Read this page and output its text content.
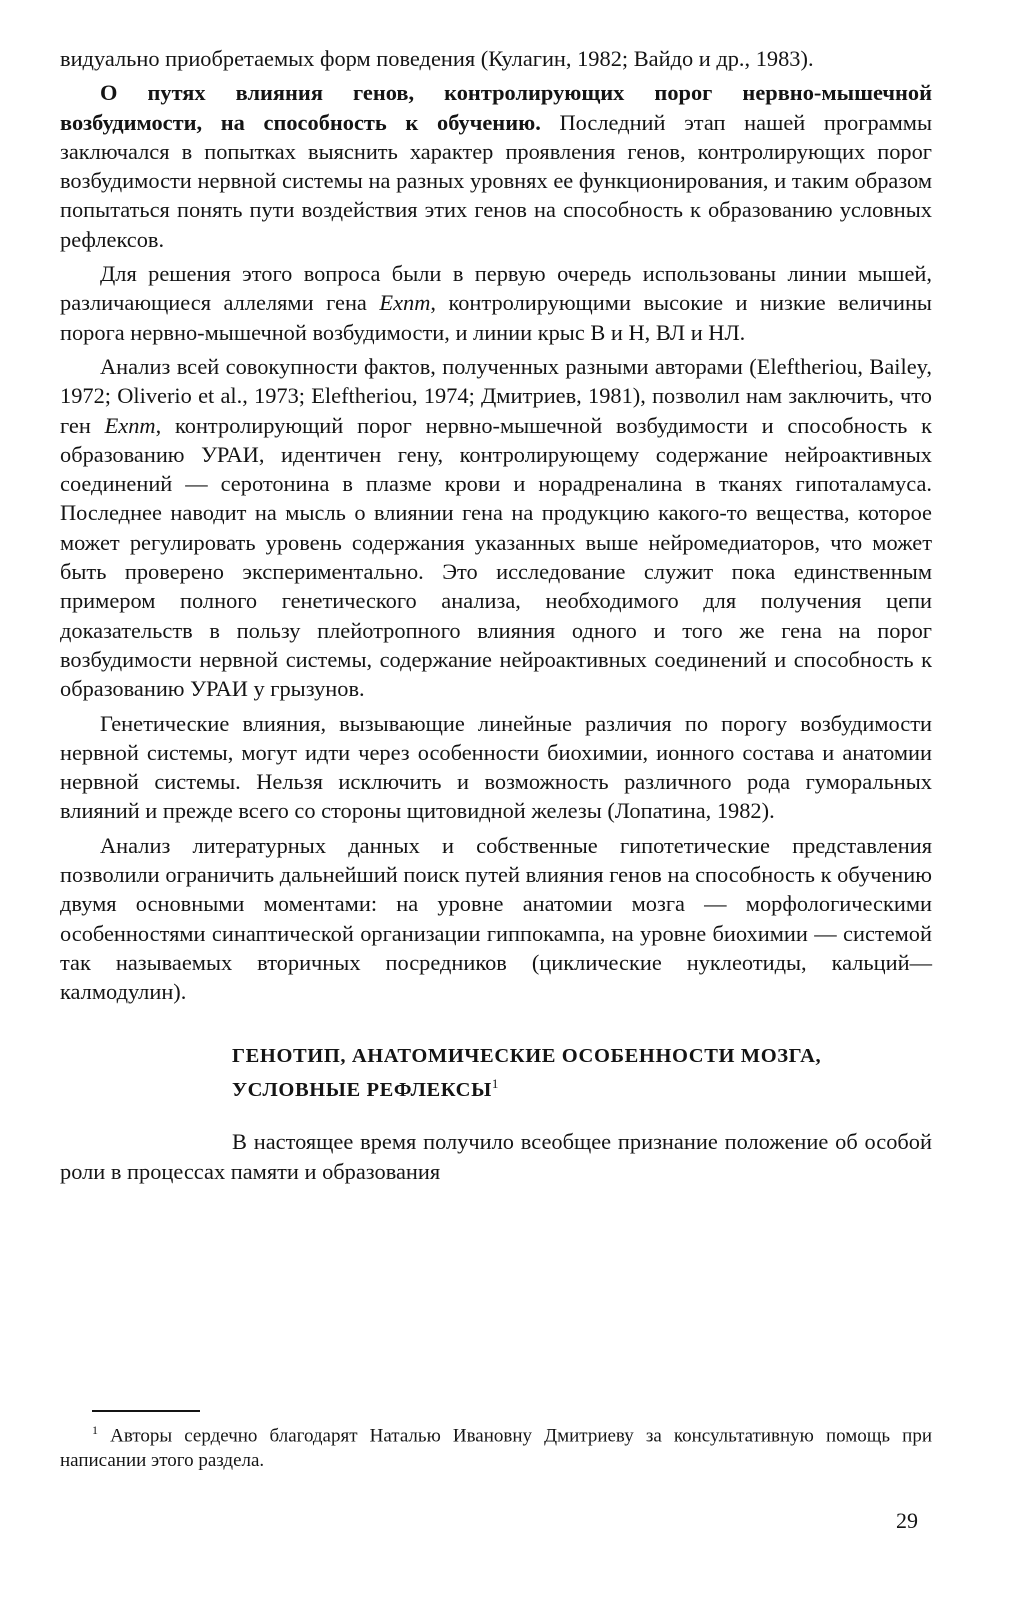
видуально приобретаемых форм поведения (Кулагин, 1982; Вайдо и др., 1983).

О путях влияния генов, контролирующих порог нервно-мышечной возбудимости, на способность к обучению. Последний этап нашей программы заключался в попытках выяснить характер проявления генов, контролирующих порог возбудимости нервной системы на разных уровнях ее функционирования, и таким образом попытаться понять пути воздействия этих генов на способность к образованию условных рефлексов.

Для решения этого вопроса были в первую очередь использованы линии мышей, различающиеся аллелями гена Exnm, контролирующими высокие и низкие величины порога нервно-мышечной возбудимости, и линии крыс В и Н, ВЛ и НЛ.

Анализ всей совокупности фактов, полученных разными авторами (Eleftheriou, Bailey, 1972; Oliverio et al., 1973; Eleftheriou, 1974; Дмитриев, 1981), позволил нам заключить, что ген Exnm, контролирующий порог нервно-мышечной возбудимости и способность к образованию УРАИ, идентичен гену, контролирующему содержание нейроактивных соединений — серотонина в плазме крови и норадреналина в тканях гипоталамуса. Последнее наводит на мысль о влиянии гена на продукцию какого-то вещества, которое может регулировать уровень содержания указанных выше нейромедиаторов, что может быть проверено экспериментально. Это исследование служит пока единственным примером полного генетического анализа, необходимого для получения цепи доказательств в пользу плейотропного влияния одного и того же гена на порог возбудимости нервной системы, содержание нейроактивных соединений и способность к образованию УРАИ у грызунов.

Генетические влияния, вызывающие линейные различия по порогу возбудимости нервной системы, могут идти через особенности биохимии, ионного состава и анатомии нервной системы. Нельзя исключить и возможность различного рода гуморальных влияний и прежде всего со стороны щитовидной железы (Лопатина, 1982).

Анализ литературных данных и собственные гипотетические представления позволили ограничить дальнейший поиск путей влияния генов на способность к обучению двумя основными моментами: на уровне анатомии мозга — морфологическими особенностями синаптической организации гиппокампа, на уровне биохимии — системой так называемых вторичных посредников (циклические нуклеотиды, кальций—калмодулин).

ГЕНОТИП, АНАТОМИЧЕСКИЕ ОСОБЕННОСТИ МОЗГА, УСЛОВНЫЕ РЕФЛЕКСЫ$^1$

В настоящее время получило всеобщее признание положение об особой роли в процессах памяти и образования

$^1$ Авторы сердечно благодарят Наталью Ивановну Дмитриеву за консультативную помощь при написании этого раздела.
29
